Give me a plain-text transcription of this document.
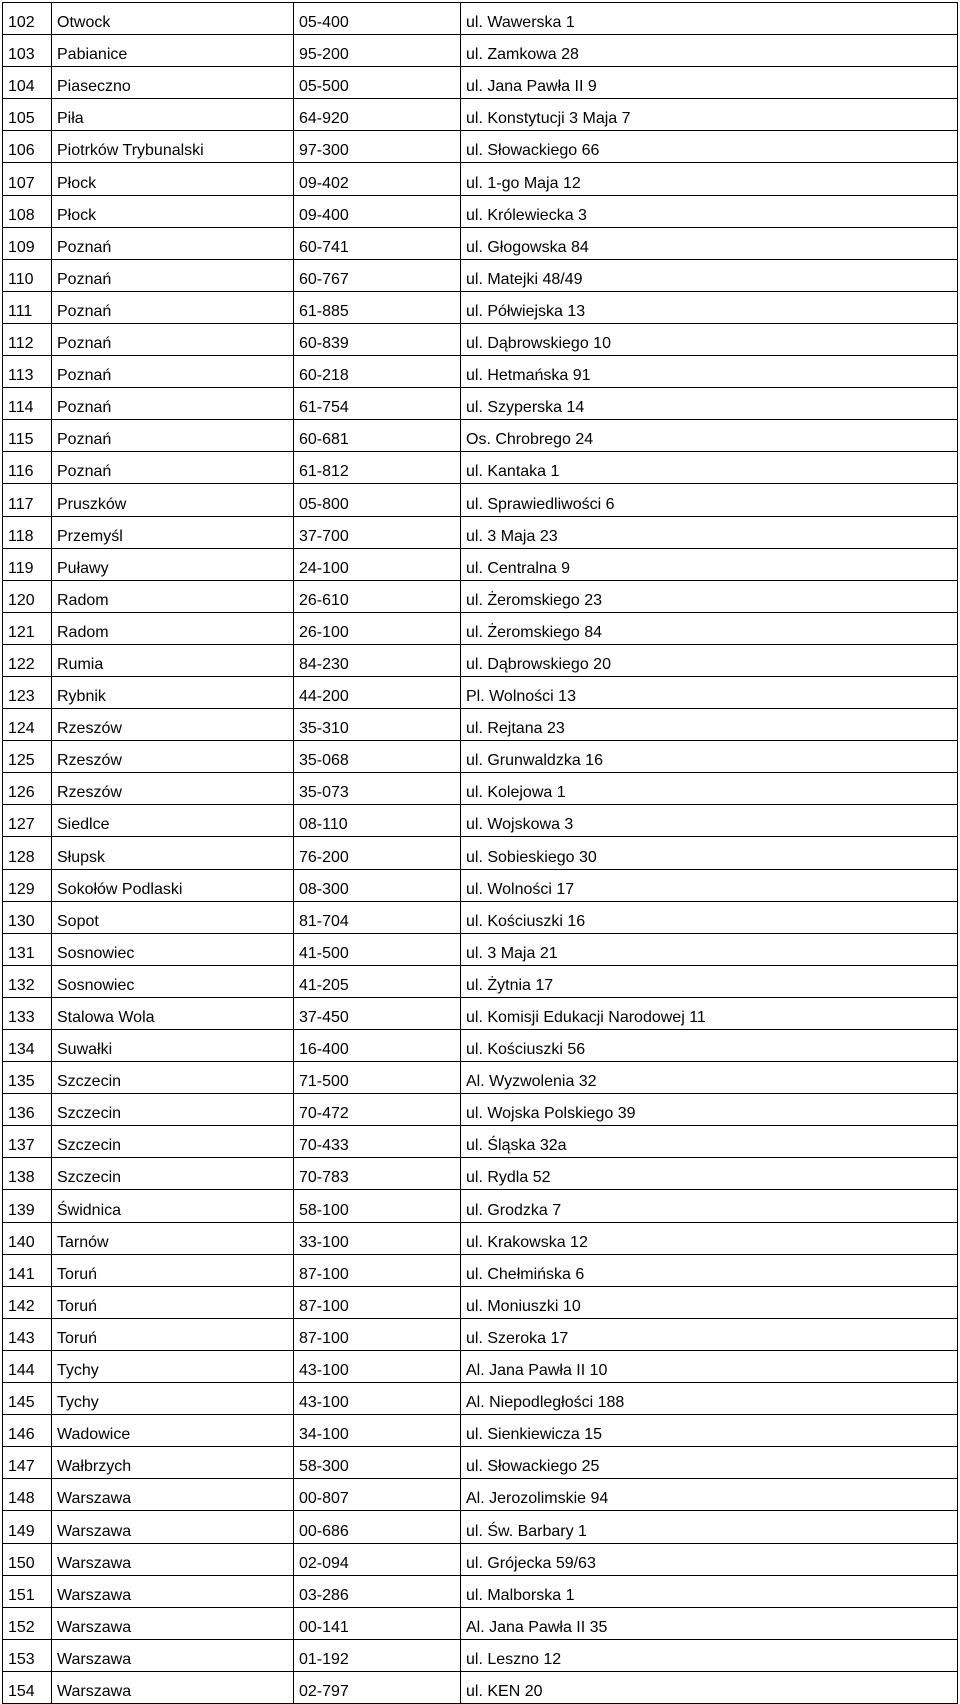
102	Otwock	05-400	ul. Wawerska 1
103	Pabianice	95-200	ul. Zamkowa 28
104	Piaseczno	05-500	ul. Jana Pawła II 9
105	Piła	64-920	ul. Konstytucji 3 Maja 7
106	Piotrków Trybunalski	97-300	ul. Słowackiego 66
107	Płock	09-402	ul. 1-go Maja 12
108	Płock	09-400	ul. Królewiecka 3
109	Poznań	60-741	ul. Głogowska 84
110	Poznań	60-767	ul. Matejki 48/49
111	Poznań	61-885	ul. Półwiejska 13
112	Poznań	60-839	ul. Dąbrowskiego 10
113	Poznań	60-218	ul. Hetmańska 91
114	Poznań	61-754	ul. Szyperska 14
115	Poznań	60-681	Os. Chrobrego 24
116	Poznań	61-812	ul. Kantaka 1
117	Pruszków	05-800	ul. Sprawiedliwości 6
118	Przemyśl	37-700	ul. 3 Maja 23
119	Puławy	24-100	ul. Centralna 9
120	Radom	26-610	ul. Żeromskiego 23
121	Radom	26-100	ul. Żeromskiego 84
122	Rumia	84-230	ul. Dąbrowskiego 20
123	Rybnik	44-200	Pl. Wolności 13
124	Rzeszów	35-310	ul. Rejtana 23
125	Rzeszów	35-068	ul. Grunwaldzka 16
126	Rzeszów	35-073	ul. Kolejowa 1
127	Siedlce	08-110	ul. Wojskowa 3
128	Słupsk	76-200	ul. Sobieskiego 30
129	Sokołów Podlaski	08-300	ul. Wolności 17
130	Sopot	81-704	ul. Kościuszki 16
131	Sosnowiec	41-500	ul. 3 Maja 21
132	Sosnowiec	41-205	ul. Żytnia 17
133	Stalowa Wola	37-450	ul. Komisji Edukacji Narodowej 11
134	Suwałki	16-400	ul. Kościuszki 56
135	Szczecin	71-500	Al. Wyzwolenia 32
136	Szczecin	70-472	ul. Wojska Polskiego 39
137	Szczecin	70-433	ul. Śląska 32a
138	Szczecin	70-783	ul. Rydla 52
139	Świdnica	58-100	ul. Grodzka 7
140	Tarnów	33-100	ul. Krakowska 12
141	Toruń	87-100	ul. Chełmińska 6
142	Toruń	87-100	ul. Moniuszki 10
143	Toruń	87-100	ul. Szeroka 17
144	Tychy	43-100	Al. Jana Pawła II 10
145	Tychy	43-100	Al. Niepodległości 188
146	Wadowice	34-100	ul. Sienkiewicza 15
147	Wałbrzych	58-300	ul. Słowackiego 25
148	Warszawa	00-807	Al. Jerozolimskie 94
149	Warszawa	00-686	ul. Św. Barbary 1
150	Warszawa	02-094	ul. Grójecka 59/63
151	Warszawa	03-286	ul. Malborska 1
152	Warszawa	00-141	Al. Jana Pawła II 35
153	Warszawa	01-192	ul. Leszno 12
154	Warszawa	02-797	ul. KEN 20
